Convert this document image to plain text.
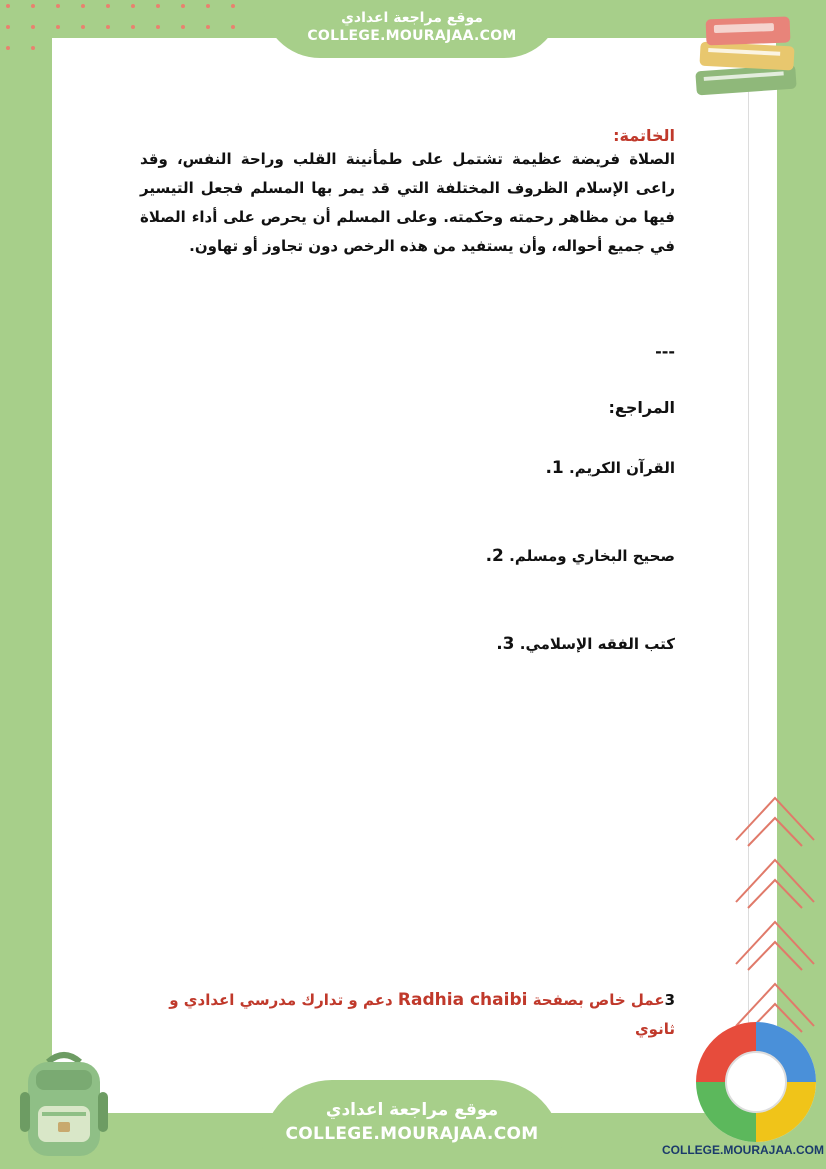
موقع مراجعة اعدادي
COLLEGE.MOURAJAA.COM
الخاتمة:
الصلاة فريضة عظيمة تشتمل على طمأنينة القلب وراحة النفس، وقد راعى الإسلام الظروف المختلفة التي قد يمر بها المسلم فجعل التيسير فيها من مظاهر رحمته وحكمته. وعلى المسلم أن يحرص على أداء الصلاة في جميع أحواله، وأن يستفيد من هذه الرخص دون تجاوز أو تهاون.
---
المراجع:
القرآن الكريم. 1.
صحيح البخاري ومسلم. 2.
كتب الفقه الإسلامي. 3.
3عمل خاص بصفحة Radhia chaibi دعم و تدارك مدرسي اعدادي و ثانوي
COLLEGE.MOURAJAA.COM
موقع مراجعة اعدادي
COLLEGE.MOURAJAA.COM
